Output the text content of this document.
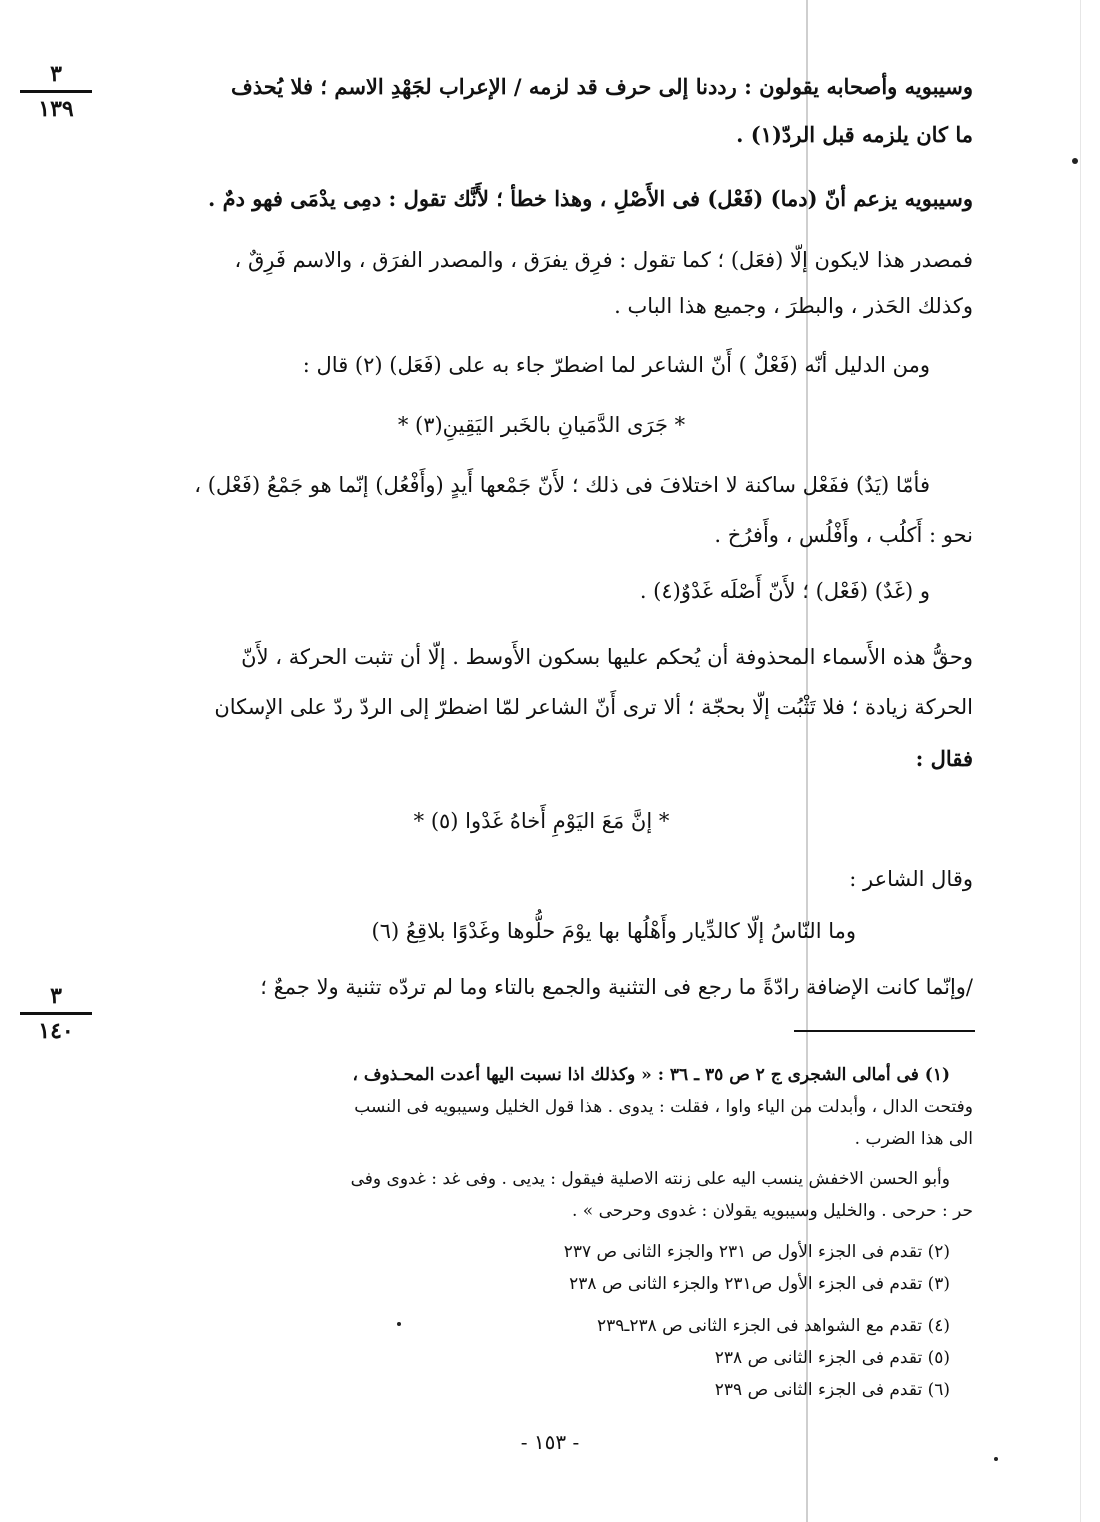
٣
١٣٩
٣
١٤٠
وسيبويه وأصحابه يقولون : رددنا إلى حرف قد لزمه / الإعراب لجَهْدِ الاسم ؛ فلا يُحذف
ما كان يلزمه قبل الردّ(١) .
وسيبويه يزعم أنّ (دما) (فَعْل) فى الأَصْلِ ، وهذا خطأ ؛ لأَنَّك تقول : دمِى يدْمَى فهو دمٌ .
فمصدر هذا لايكون إلّا (فعَل) ؛ كما تقول : فرِق يفرَق ، والمصدر الفرَق ، والاسم فَرِقٌ ،
وكذلك الحَذر ، والبطرَ ، وجميع هذا الباب .
ومن الدليل أنّه (فَعْلٌ ) أَنّ الشاعر لما اضطرّ جاء به على (فَعَل) (٢) قال :
* جَرَى الدَّمَيانِ بالخَبر اليَقِينِ(٣) *
فأمّا (يَدٌ) ففَعْل ساكنة لا اختلافَ فى ذلك ؛ لأَنّ جَمْعها أَيدٍ (وأَفْعُل) إنّما هو جَمْعُ (فَعْل) ،
نحو : أَكلُب ، وأَفْلُس ، وأَفرُخ .
و (غَدٌ) (فَعْل) ؛ لأَنّ أَصْلَه غَدْوٌ(٤) .
وحقُّ هذه الأَسماء المحذوفة أن يُحكم عليها بسكون الأَوسط . إلّا أن تثبت الحركة ، لأَنّ
الحركة زيادة ؛ فلا تَثْبُت إلّا بحجّة ؛ ألا ترى أَنّ الشاعر لمّا اضطرّ إلى الردّ ردّ على الإسكان
فقال :
* إنَّ مَعَ اليَوْمِ أَخاهُ غَدْوا (٥) *
وقال الشاعر :
وما النّاسُ إلّا كالدِّيار وأَهْلُها بها يوْمَ حلُّوها وغَدْوًا بلاقِعُ (٦)
/وإنّما كانت الإضافة رادّةً ما رجع فى التثنية والجمع بالتاء وما لم تردّه تثنية ولا جمعٌ ؛
(١) فى أمالى الشجرى ج ٢ ص ٣٥ ـ ٣٦ : « وكذلك اذا نسبت اليها أعدت المحـذوف ،
وفتحت الدال ، وأبدلت من الياء واوا ، فقلت : يدوى . هذا قول الخليل وسيبويه فى النسب
الى هذا الضرب .
وأبو الحسن الاخفش ينسب اليه على زنته الاصلية فيقول : يديى . وفى غد : غدوى وفى
حر : حرحى . والخليل وسيبويه يقولان : غدوى وحرحى » .
(٢) تقدم فى الجزء الأول ص ٢٣١ والجزء الثانى ص ٢٣٧
(٣) تقدم فى الجزء الأول ص٢٣١ والجزء الثانى ص ٢٣٨
(٤) تقدم مع الشواهد فى الجزء الثانى ص ٢٣٨ـ٢٣٩
(٥) تقدم فى الجزء الثانى ص ٢٣٨
(٦) تقدم فى الجزء الثانى ص ٢٣٩
- ١٥٣ -
